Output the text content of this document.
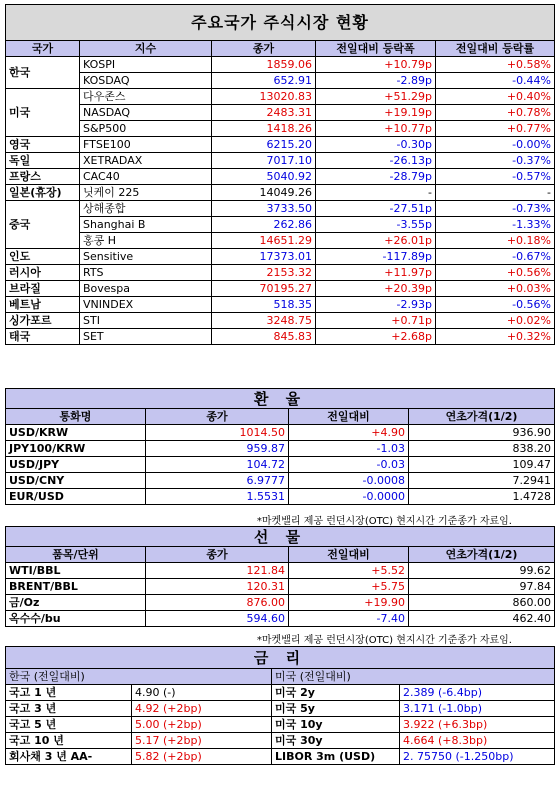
주요국가 주식시장 현황				
국가	지수	종가	전일대비 등락폭	전일대비 등락률
한국	KOSPI	1859.06	+10.79p	+0.58%
	KOSDAQ	652.91	-2.89p	-0.44%
미국	다우존스	13020.83	+51.29p	+0.40%
	NASDAQ	2483.31	+19.19p	+0.78%
	S&P500	1418.26	+10.77p	+0.77%
영국	FTSE100	6215.20	-0.30p	-0.00%
독일	XETRADAX	7017.10	-26.13p	-0.37%
프랑스	CAC40	5040.92	-28.79p	-0.57%
일본(휴장)	닛케이 225	14049.26	-	-
중국	상해종합	3733.50	-27.51p	-0.73%
	Shanghai B	262.86	-3.55p	-1.33%
	홍콩 H	14651.29	+26.01p	+0.18%
인도	Sensitive	17373.01	-117.89p	-0.67%
러시아	RTS	2153.32	+11.97p	+0.56%
브라질	Bovespa	70195.27	+20.39p	+0.03%
베트남	VNINDEX	518.35	-2.93p	-0.56%
싱가포르	STI	3248.75	+0.71p	+0.02%
태국	SET	845.83	+2.68p	+0.32%
환 율			
통화명	종가	전일대비	연초가격(1/2)
USD/KRW	1014.50	+4.90	936.90
JPY100/KRW	959.87	-1.03	838.20
USD/JPY	104.72	-0.03	109.47
USD/CNY	6.9777	-0.0008	7.2941
EUR/USD	1.5531	-0.0000	1.4728
*마켓밸리 제공 런던시장(OTC) 현지시간 기준종가 자료임.
선 물			
품목/단위	종가	전일대비	연초가격(1/2)
WTI/BBL	121.84	+5.52	99.62
BRENT/BBL	120.31	+5.75	97.84
금/Oz	876.00	+19.90	860.00
옥수수/bu	594.60	-7.40	462.40
*마켓밸리 제공 런던시장(OTC) 현지시간 기준종가 자료임.
금 리			
한국 (전일대비)		미국 (전일대비)	
국고 1 년	4.90 (-)	미국 2y	2.389 (-6.4bp)
국고 3 년	4.92 (+2bp)	미국 5y	3.171 (-1.0bp)
국고 5 년	5.00 (+2bp)	미국 10y	3.922 (+6.3bp)
국고 10 년	5.17 (+2bp)	미국 30y	4.664 (+8.3bp)
회사채 3 년 AA-	5.82 (+2bp)	LIBOR 3m (USD)	2. 75750 (-1.250bp)
